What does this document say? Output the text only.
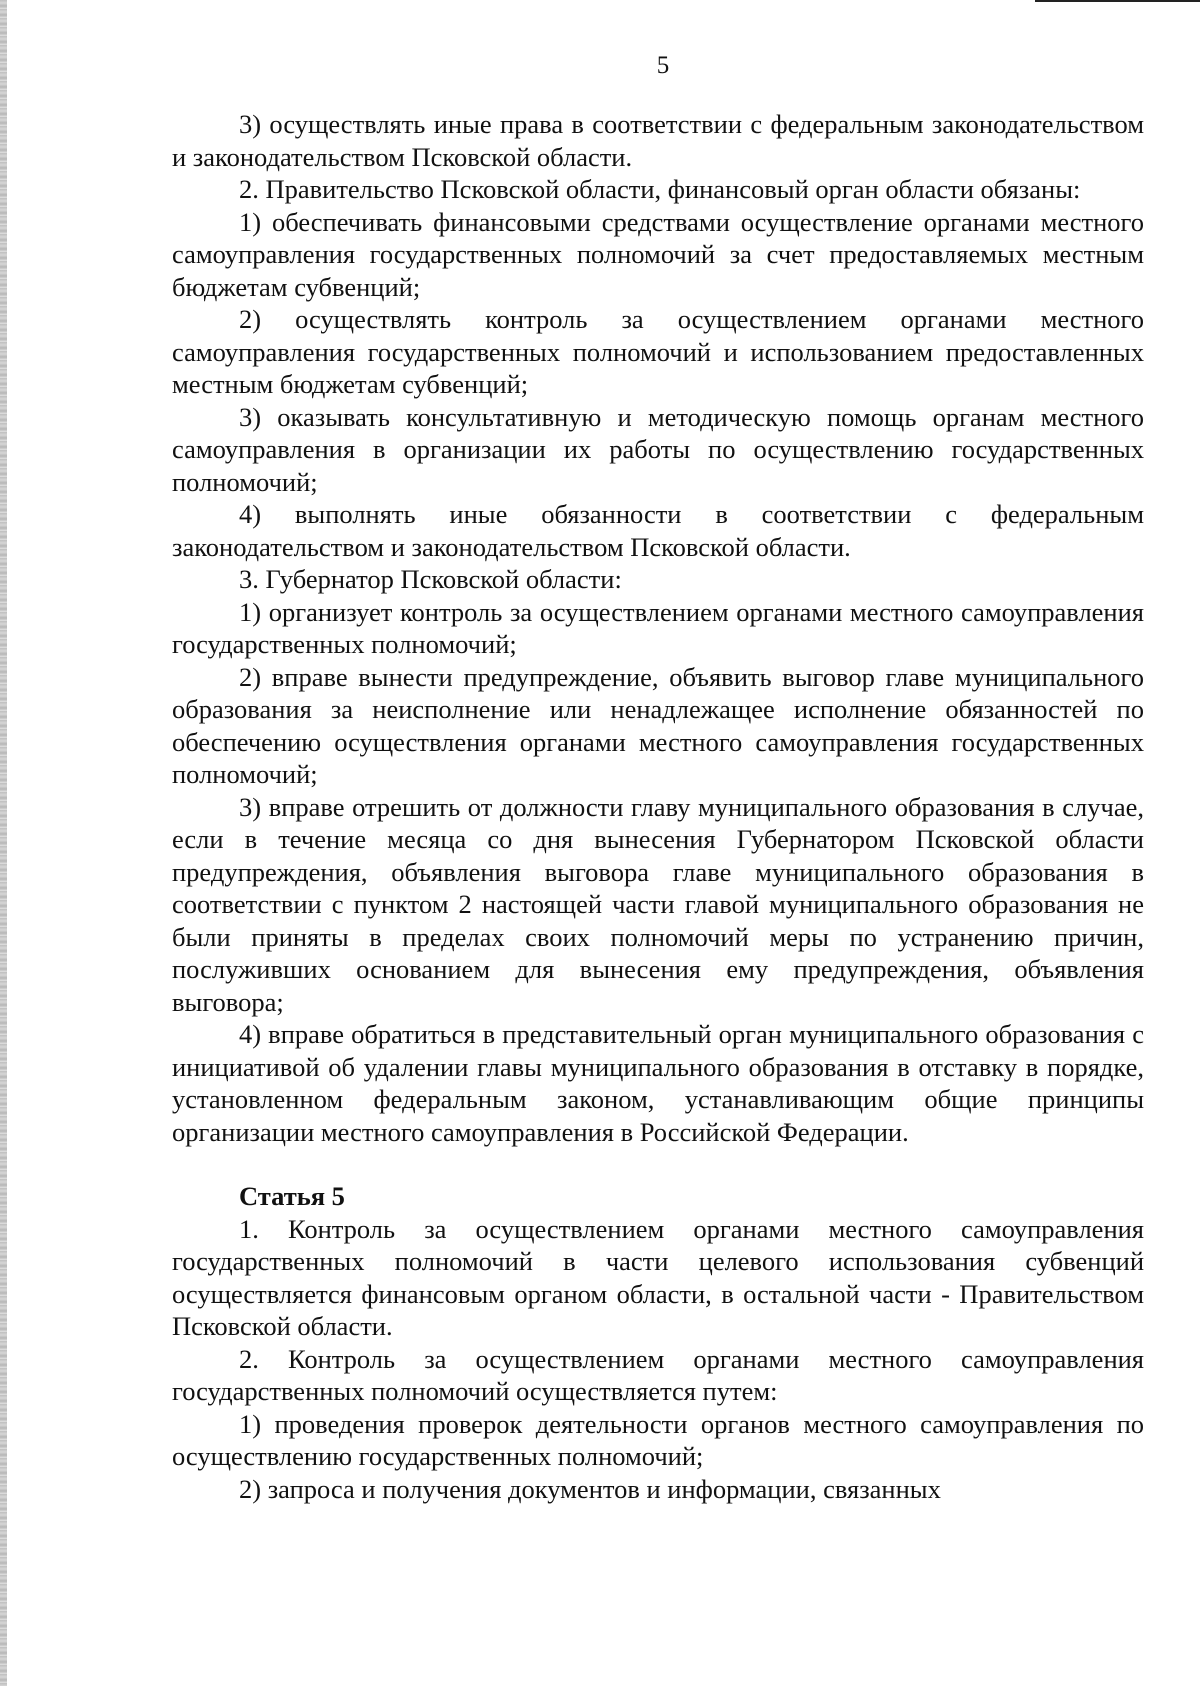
5

3) осуществлять иные права в соответствии с федеральным законодательством и законодательством Псковской области.

2. Правительство Псковской области, финансовый орган области обязаны:

1) обеспечивать финансовыми средствами осуществление органами местного самоуправления государственных полномочий за счет предоставляемых местным бюджетам субвенций;

2) осуществлять контроль за осуществлением органами местного самоуправления государственных полномочий и использованием предоставленных местным бюджетам субвенций;

3) оказывать консультативную и методическую помощь органам местного самоуправления в организации их работы по осуществлению государственных полномочий;

4) выполнять иные обязанности в соответствии с федеральным законодательством и законодательством Псковской области.

3. Губернатор Псковской области:

1) организует контроль за осуществлением органами местного самоуправления государственных полномочий;

2) вправе вынести предупреждение, объявить выговор главе муниципального образования за неисполнение или ненадлежащее исполнение обязанностей по обеспечению осуществления органами местного самоуправления государственных полномочий;

3) вправе отрешить от должности главу муниципального образования в случае, если в течение месяца со дня вынесения Губернатором Псковской области предупреждения, объявления выговора главе муниципального образования в соответствии с пунктом 2 настоящей части главой муниципального образования не были приняты в пределах своих полномочий меры по устранению причин, послуживших основанием для вынесения ему предупреждения, объявления выговора;

4) вправе обратиться в представительный орган муниципального образования с инициативой об удалении главы муниципального образования в отставку в порядке, установленном федеральным законом, устанавливающим общие принципы организации местного самоуправления в Российской Федерации.

Статья 5

1. Контроль за осуществлением органами местного самоуправления государственных полномочий в части целевого использования субвенций осуществляется финансовым органом области, в остальной части - Правительством Псковской области.

2. Контроль за осуществлением органами местного самоуправления государственных полномочий осуществляется путем:

1) проведения проверок деятельности органов местного самоуправления по осуществлению государственных полномочий;

2) запроса и получения документов и информации, связанных
